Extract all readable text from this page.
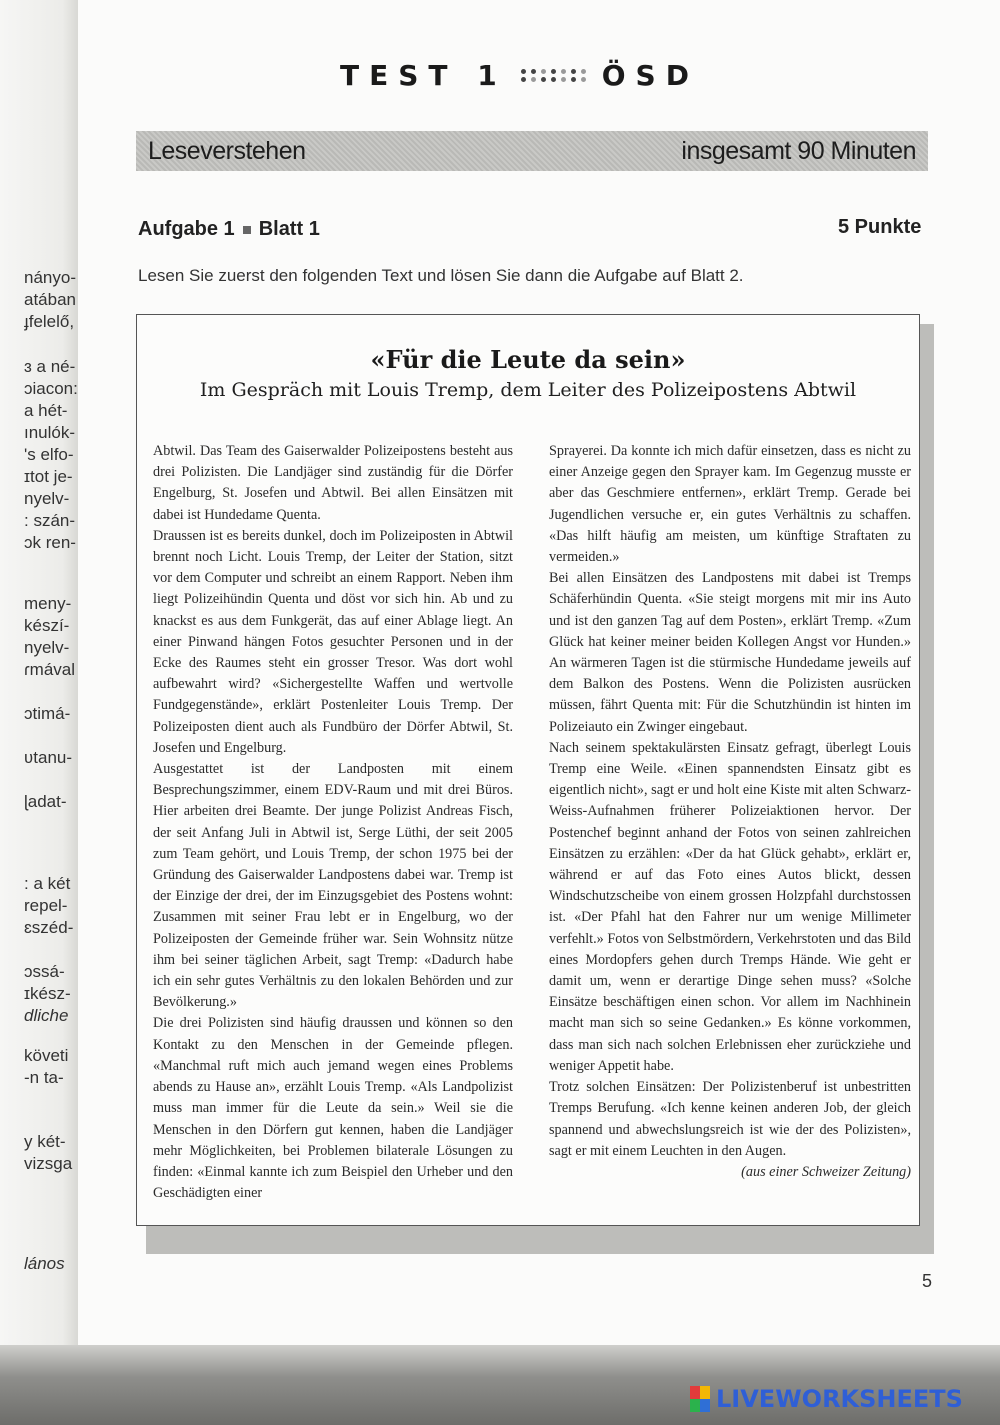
nányo-
atában
ɟfelelő,
ɜ a né-
ɔiacon:
a hét-
ınulók-
's elfo-
ɪtot je-
nyelv-
: szán-
ɔk ren-
meny-
készí-
nyelv-
ɾmával
ɔtimá-
ʋtanu-
ɭadat-
: a két
repel-
ɛszéd-
ɔssá-
ɪkész-
dliche
követi
-n ta-
y két-
vizsga
lános
TEST 1	ÖSD
Leseverstehen	insgesamt 90 Minuten
Aufgabe 1 Blatt 1	5 Punkte
Lesen Sie zuerst den folgenden Text und lösen Sie dann die Aufgabe auf Blatt 2.
«Für die Leute da sein»
Im Gespräch mit Louis Tremp, dem Leiter des Polizeipostens Abtwil

Abtwil. Das Team des Gaiserwalder Polizeipostens besteht aus drei Polizisten. Die Landjäger sind zuständig für die Dörfer Engelburg, St. Josefen und Abtwil. Bei allen Einsätzen mit dabei ist Hundedame Quenta.

Draussen ist es bereits dunkel, doch im Polizeiposten in Abtwil brennt noch Licht. Louis Tremp, der Leiter der Station, sitzt vor dem Computer und schreibt an einem Rapport. Neben ihm liegt Polizeihündin Quenta und döst vor sich hin. Ab und zu knackst es aus dem Funkgerät, das auf einer Ablage liegt. An einer Pinwand hängen Fotos gesuchter Personen und in der Ecke des Raumes steht ein grosser Tresor. Was dort wohl aufbewahrt wird? «Sichergestellte Waffen und wertvolle Fundgegenstände», erklärt Postenleiter Louis Tremp. Der Polizeiposten dient auch als Fundbüro der Dörfer Abtwil, St. Josefen und Engelburg.

Ausgestattet ist der Landposten mit einem Besprechungszimmer, einem EDV-Raum und mit drei Büros. Hier arbeiten drei Beamte. Der junge Polizist Andreas Fisch, der seit Anfang Juli in Abtwil ist, Serge Lüthi, der seit 2005 zum Team gehört, und Louis Tremp, der schon 1975 bei der Gründung des Gaiserwalder Landpostens dabei war. Tremp ist der Einzige der drei, der im Einzugsgebiet des Postens wohnt: Zusammen mit seiner Frau lebt er in Engelburg, wo der Polizeiposten der Gemeinde früher war. Sein Wohnsitz nütze ihm bei seiner täglichen Arbeit, sagt Tremp: «Dadurch habe ich ein sehr gutes Verhältnis zu den lokalen Behörden und zur Bevölkerung.»

Die drei Polizisten sind häufig draussen und können so den Kontakt zu den Menschen in der Gemeinde pflegen. «Manchmal ruft mich auch jemand wegen eines Problems abends zu Hause an», erzählt Louis Tremp. «Als Landpolizist muss man immer für die Leute da sein.» Weil sie die Menschen in den Dörfern gut kennen, haben die Landjäger mehr Möglichkeiten, bei Problemen bilaterale Lösungen zu finden: «Einmal kannte ich zum Beispiel den Urheber und den Geschädigten einer

Sprayerei. Da konnte ich mich dafür einsetzen, dass es nicht zu einer Anzeige gegen den Sprayer kam. Im Gegenzug musste er aber das Geschmiere entfernen», erklärt Tremp. Gerade bei Jugendlichen versuche er, ein gutes Verhältnis zu schaffen. «Das hilft häufig am meisten, um künftige Straftaten zu vermeiden.»

Bei allen Einsätzen des Landpostens mit dabei ist Tremps Schäferhündin Quenta. «Sie steigt morgens mit mir ins Auto und ist den ganzen Tag auf dem Posten», erklärt Tremp. «Zum Glück hat keiner meiner beiden Kollegen Angst vor Hunden.» An wärmeren Tagen ist die stürmische Hundedame jeweils auf dem Balkon des Postens. Wenn die Polizisten ausrücken müssen, fährt Quenta mit: Für die Schutzhündin ist hinten im Polizeiauto ein Zwinger eingebaut.

Nach seinem spektakulärsten Einsatz gefragt, überlegt Louis Tremp eine Weile. «Einen spannendsten Einsatz gibt es eigentlich nicht», sagt er und holt eine Kiste mit alten Schwarz-Weiss-Aufnahmen früherer Polizeiaktionen hervor. Der Postenchef beginnt anhand der Fotos von seinen zahlreichen Einsätzen zu erzählen: «Der da hat Glück gehabt», erklärt er, während er auf das Foto eines Autos blickt, dessen Windschutzscheibe von einem grossen Holzpfahl durchstossen ist. «Der Pfahl hat den Fahrer nur um wenige Millimeter verfehlt.» Fotos von Selbstmördern, Verkehrstoten und das Bild eines Mordopfers gehen durch Tremps Hände. Wie geht er damit um, wenn er derartige Dinge sehen muss? «Solche Einsätze beschäftigen einen schon. Vor allem im Nachhinein macht man sich so seine Gedanken.» Es könne vorkommen, dass man sich nach solchen Erlebnissen eher zurückziehe und weniger Appetit habe.

Trotz solchen Einsätzen: Der Polizistenberuf ist unbestritten Tremps Berufung. «Ich kenne keinen anderen Job, der gleich spannend und abwechslungsreich ist wie der des Polizisten», sagt er mit einem Leuchten in den Augen.

(aus einer Schweizer Zeitung)

5
LIVEWORKSHEETS
